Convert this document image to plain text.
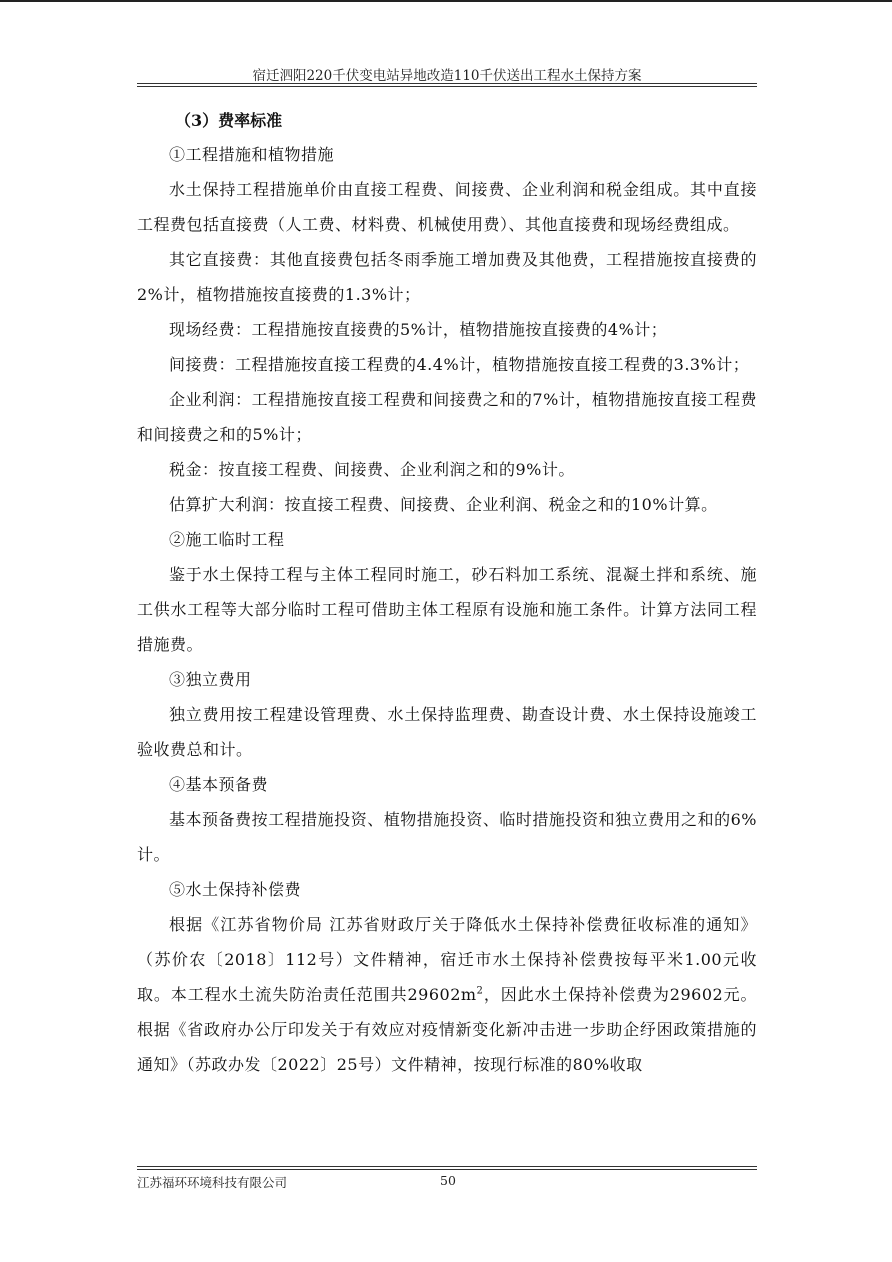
宿迁泗阳220千伏变电站异地改造110千伏送出工程水土保持方案
（3）费率标准

①工程措施和植物措施

水土保持工程措施单价由直接工程费、间接费、企业利润和税金组成。其中直接工程费包括直接费（人工费、材料费、机械使用费）、其他直接费和现场经费组成。

其它直接费：其他直接费包括冬雨季施工增加费及其他费，工程措施按直接费的2%计，植物措施按直接费的1.3%计；

现场经费：工程措施按直接费的5%计，植物措施按直接费的4%计；

间接费：工程措施按直接工程费的4.4%计，植物措施按直接工程费的3.3%计；

企业利润：工程措施按直接工程费和间接费之和的7%计，植物措施按直接工程费和间接费之和的5%计；

税金：按直接工程费、间接费、企业利润之和的9%计。

估算扩大利润：按直接工程费、间接费、企业利润、税金之和的10%计算。

②施工临时工程

鉴于水土保持工程与主体工程同时施工，砂石料加工系统、混凝土拌和系统、施工供水工程等大部分临时工程可借助主体工程原有设施和施工条件。计算方法同工程措施费。

③独立费用

独立费用按工程建设管理费、水土保持监理费、勘查设计费、水土保持设施竣工验收费总和计。

④基本预备费

基本预备费按工程措施投资、植物措施投资、临时措施投资和独立费用之和的6%计。

⑤水土保持补偿费

根据《江苏省物价局 江苏省财政厅关于降低水土保持补偿费征收标准的通知》（苏价农〔2018〕112号）文件精神，宿迁市水土保持补偿费按每平米1.00元收取。本工程水土流失防治责任范围共$29602m^2$，因此水土保持补偿费为29602元。根据《省政府办公厅印发关于有效应对疫情新变化新冲击进一步助企纾困政策措施的通知》（苏政办发〔2022〕25号）文件精神，按现行标准的80%收取

江苏福环环境科技有限公司	50
